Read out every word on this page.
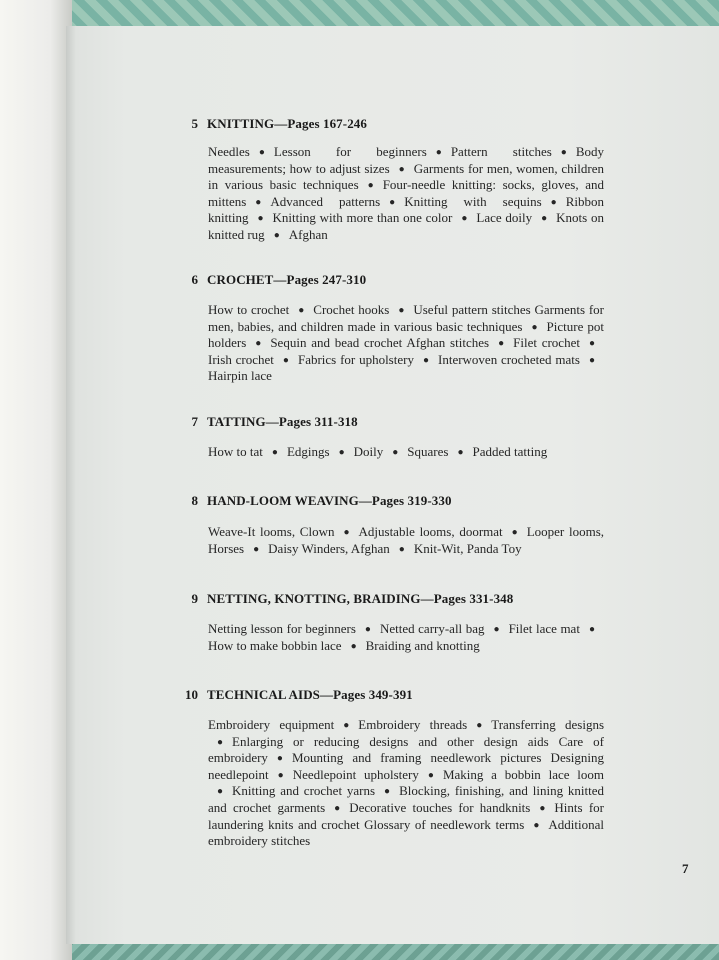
5 KNITTING—Pages 167-246
Needles ● Lesson for beginners ● Pattern stitches ● Body measurements; how to adjust sizes ● Garments for men, women, children in various basic techniques ● Four-needle knitting: socks, gloves, and mittens ● Advanced patterns ● Knitting with sequins ● Ribbon knitting ● Knitting with more than one color ● Lace doily ● Knots on knitted rug ● Afghan
6 CROCHET—Pages 247-310
How to crochet ● Crochet hooks ● Useful pattern stitches Garments for men, babies, and children made in various basic techniques ● Picture pot holders ● Sequin and bead crochet Afghan stitches ● Filet crochet ●Irish crochet ● Fabrics for upholstery ● Interwoven crocheted mats ●Hairpin lace
7 TATTING—Pages 311-318
How to tat ● Edgings ● Doily ● Squares ● Padded tatting
8 HAND-LOOM WEAVING—Pages 319-330
Weave-It looms, Clown ● Adjustable looms, doormat ● Looper looms, Horses ● Daisy Winders, Afghan ● Knit-Wit, Panda Toy
9 NETTING, KNOTTING, BRAIDING—Pages 331-348
Netting lesson for beginners ● Netted carry-all bag ● Filet lace mat ●How to make bobbin lace ● Braiding and knotting
10 TECHNICAL AIDS—Pages 349-391
Embroidery equipment ● Embroidery threads ● Transferring designs● Enlarging or reducing designs and other design aids Care of embroidery ● Mounting and framing needlework pictures Designing needlepoint ● Needlepoint upholstery ● Making a bobbin lace loom● Knitting and crochet yarns ● Blocking, finishing, and lining knitted and crochet garments ● Decorative touches for handknits ● Hints for laundering knits and crochet Glossary of needlework terms ● Additional embroidery stitches
7
